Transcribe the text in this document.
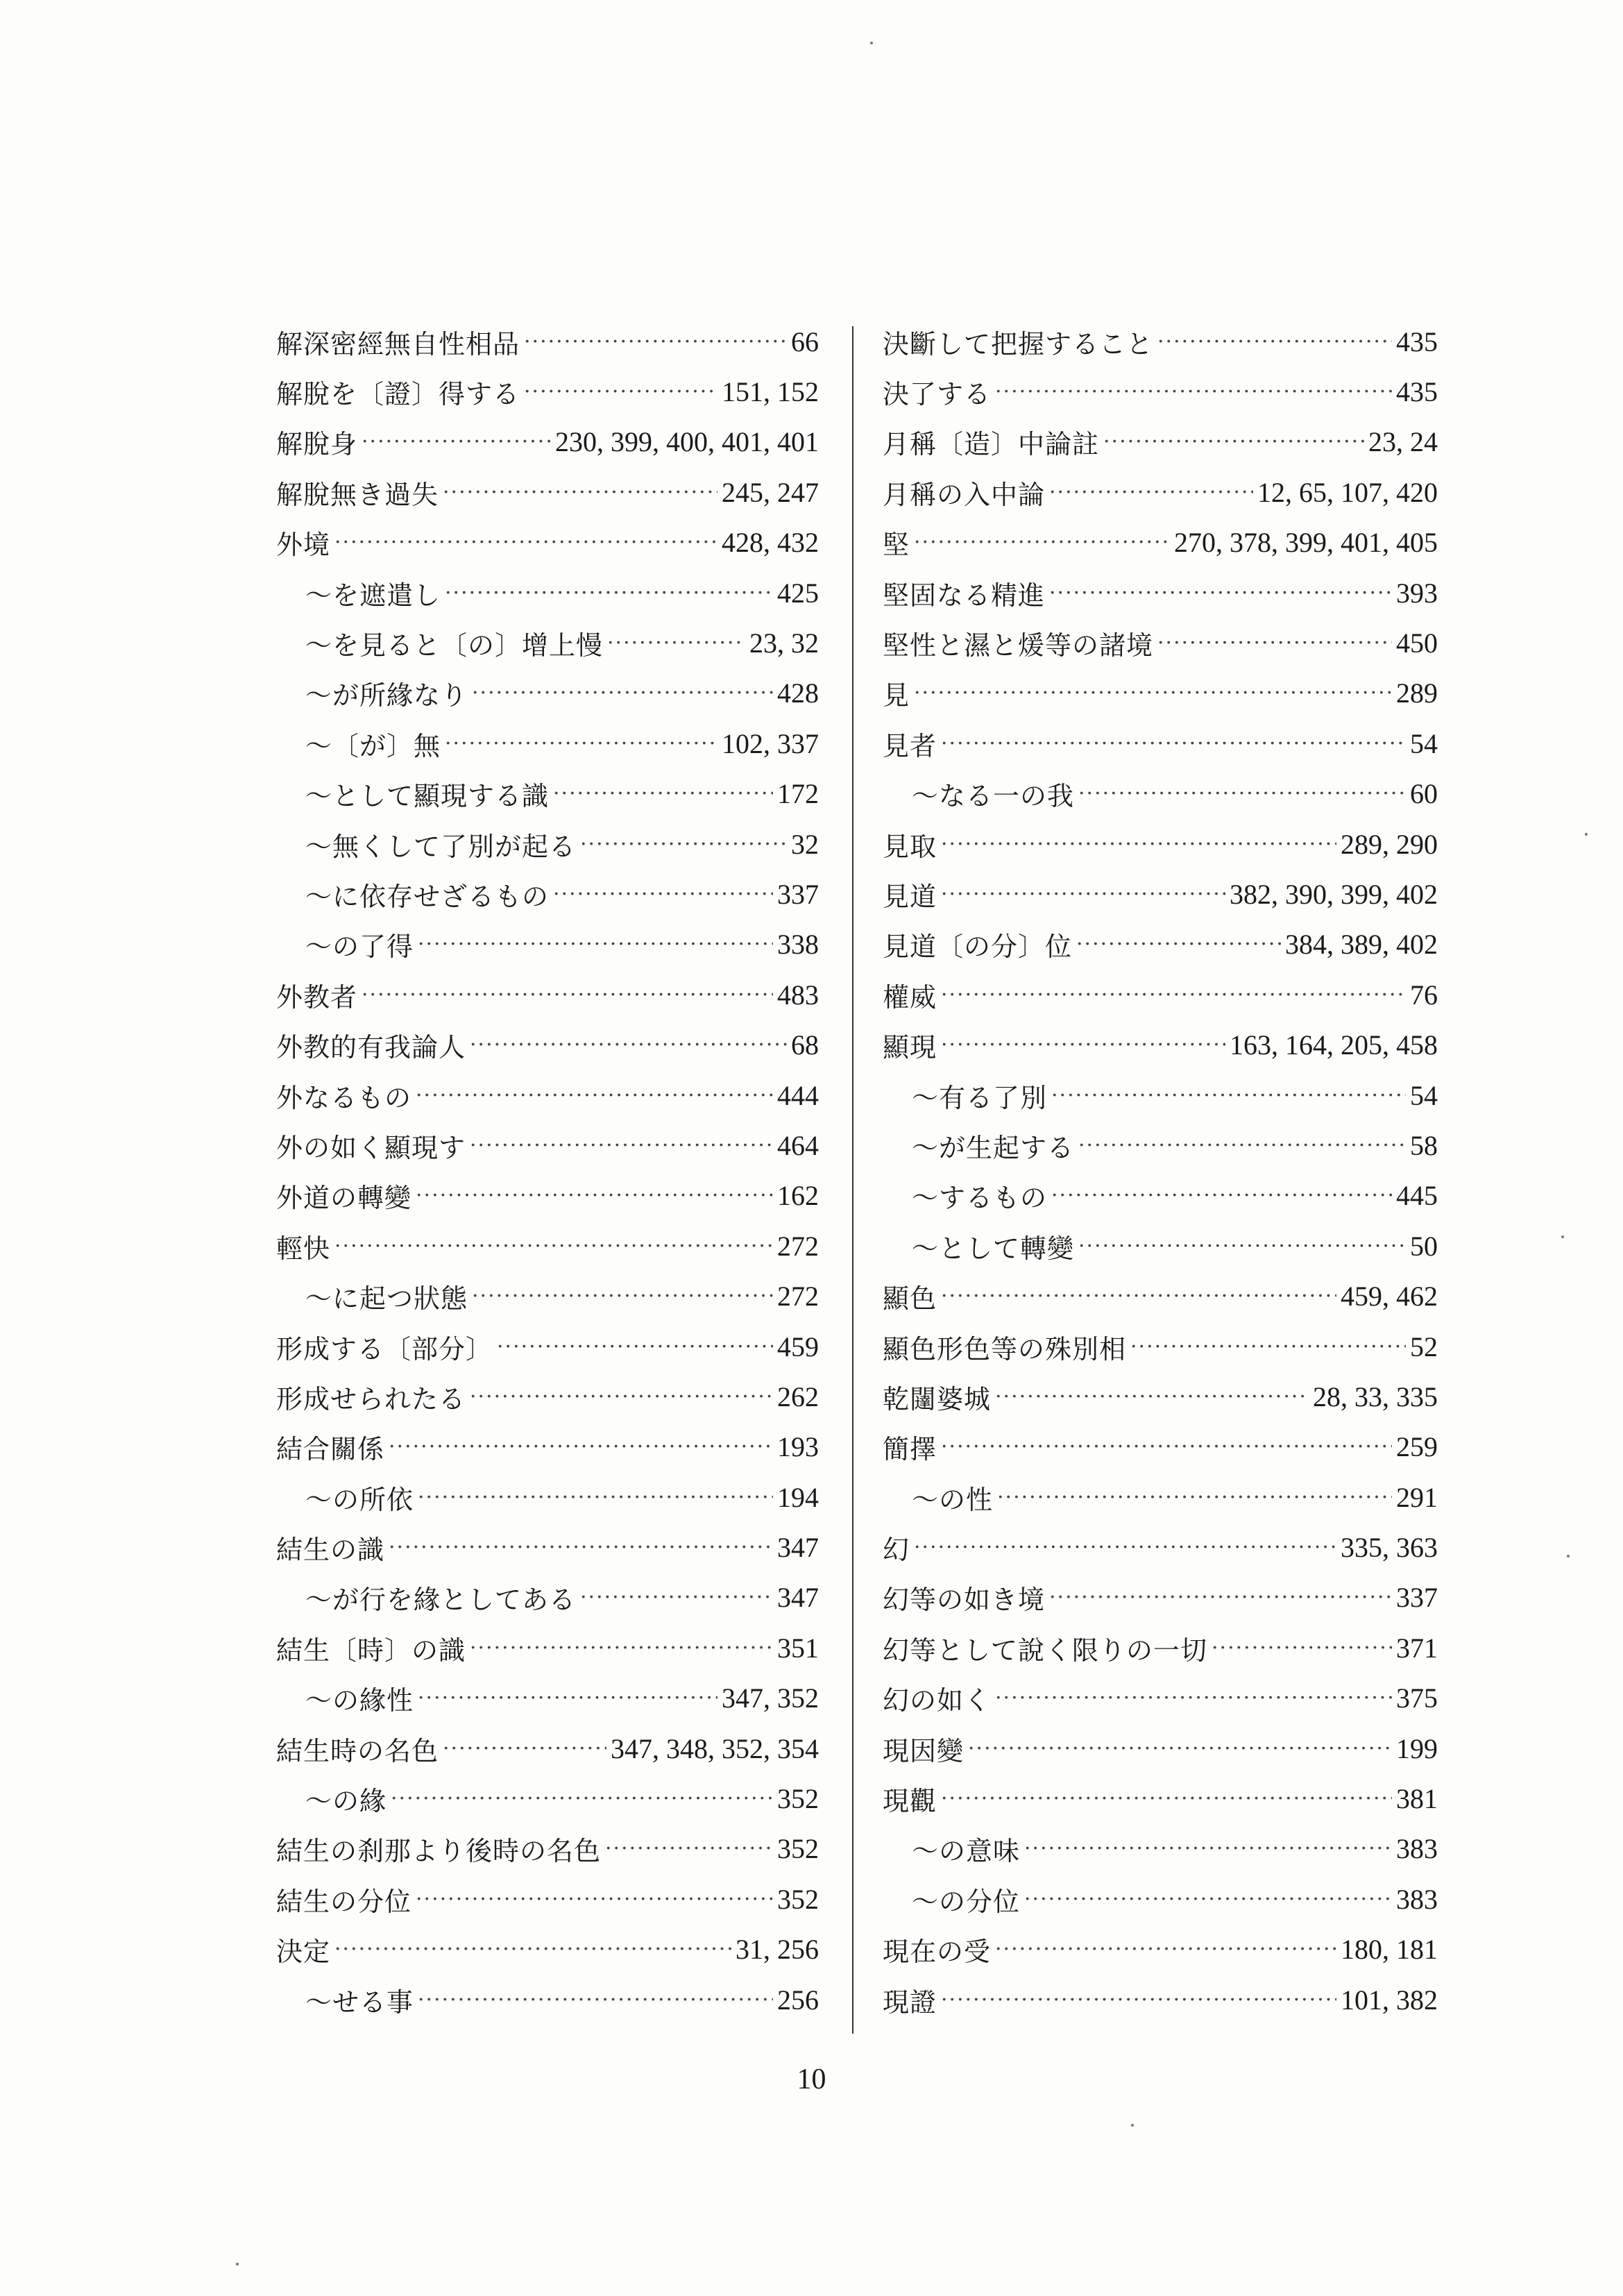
解深密經無自性相品 ·····	66
解脫を〔證〕得する ·····	151, 152
解脫身 ·····	230, 399, 400, 401, 401
解脫無き過失 ·····	245, 247
外境 ·····	428, 432
～を遮遣し ·····	425
～を見ると〔の〕增上慢 ·····	23, 32
～が所緣なり ·····	428
～〔が〕無 ·····	102, 337
～として顯現する識 ·····	172
～無くして了別が起る ·····	32
～に依存せざるもの ·····	337
～の了得 ·····	338
外教者 ·····	483
外教的有我論人 ·····	68
外なるもの ·····	444
外の如く顯現す ·····	464
外道の轉變 ·····	162
輕快 ·····	272
～に起つ狀態 ·····	272
形成する〔部分〕 ·····	459
形成せられたる ·····	262
結合關係 ·····	193
～の所依 ·····	194
結生の識 ·····	347
～が行を緣としてある ·····	347
結生〔時〕の識 ·····	351
～の緣性 ·····	347, 352
結生時の名色 ·····	347, 348, 352, 354
～の緣 ·····	352
結生の刹那より後時の名色 ·····	352
結生の分位 ·····	352
決定 ·····	31, 256
～せる事 ·····	256
決斷して把握すること ·····	435
決了する ·····	435
月稱〔造〕中論註 ·····	23, 24
月稱の入中論 ·····	12, 65, 107, 420
堅 ·····	270, 378, 399, 401, 405
堅固なる精進 ·····	393
堅性と濕と煖等の諸境 ·····	450
見 ·····	289
見者 ·····	54
～なる一の我 ·····	60
見取 ·····	289, 290
見道 ·····	382, 390, 399, 402
見道〔の分〕位 ·····	384, 389, 402
權威 ·····	76
顯現 ·····	163, 164, 205, 458
～有る了別 ·····	54
～が生起する ·····	58
～するもの ·····	445
～として轉變 ·····	50
顯色 ·····	459, 462
顯色形色等の殊別相 ·····	52
乾闥婆城 ·····	28, 33, 335
簡擇 ·····	259
～の性 ·····	291
幻 ·····	335, 363
幻等の如き境 ·····	337
幻等として說く限りの一切 ·····	371
幻の如く ·····	375
現因變 ·····	199
現觀 ·····	381
～の意味 ·····	383
～の分位 ·····	383
現在の受 ·····	180, 181
現證 ·····	101, 382
10
